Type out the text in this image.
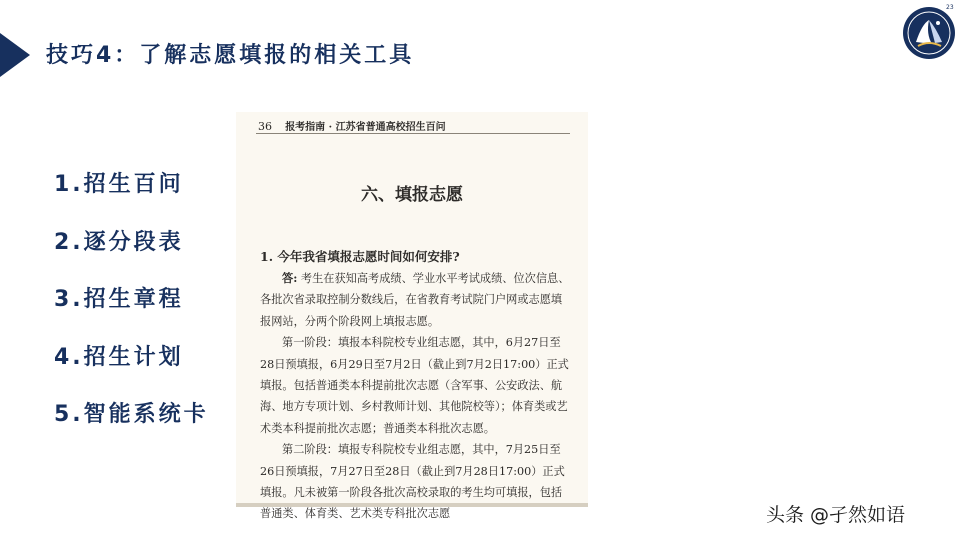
技巧4：了解志愿填报的相关工具
23
1.招生百问
2.逐分段表
3.招生章程
4.招生计划
5.智能系统卡
36 报考指南 · 江苏省普通高校招生百问
六、填报志愿
1. 今年我省填报志愿时间如何安排?

答: 考生在获知高考成绩、学业水平考试成绩、位次信息、各批次省录取控制分数线后，在省教育考试院门户网或志愿填报网站，分两个阶段网上填报志愿。

第一阶段：填报本科院校专业组志愿，其中，6月27日至28日预填报，6月29日至7月2日（截止到7月2日17:00）正式填报。包括普通类本科提前批次志愿（含军事、公安政法、航海、地方专项计划、乡村教师计划、其他院校等）；体育类或艺术类本科提前批次志愿；普通类本科批次志愿。

第二阶段：填报专科院校专业组志愿，其中，7月25日至26日预填报，7月27日至28日（截止到7月28日17:00）正式填报。凡未被第一阶段各批次高校录取的考生均可填报，包括普通类、体育类、艺术类专科批次志愿	头条 @孑然如语
